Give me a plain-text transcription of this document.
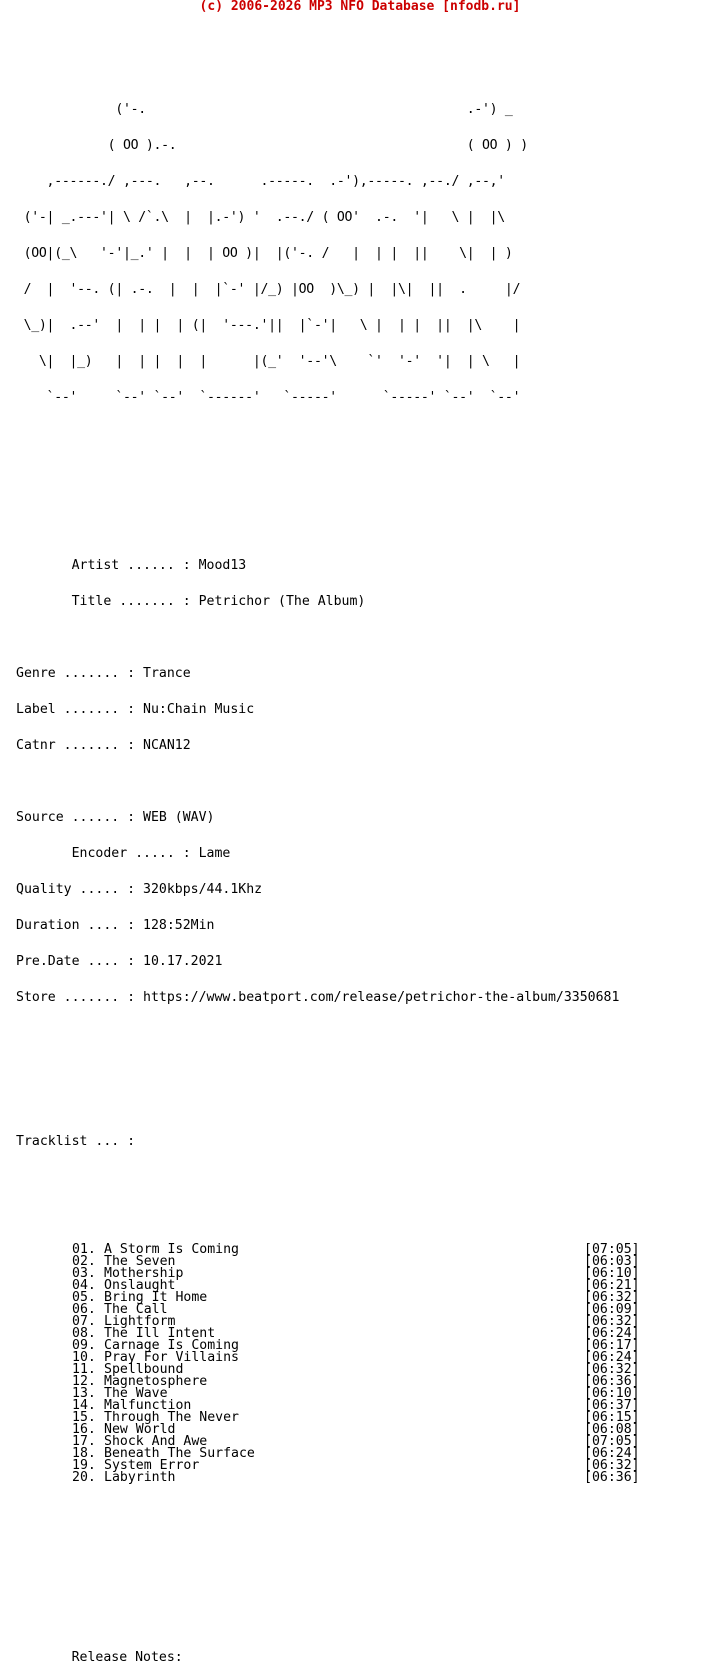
(c) 2006-2026 MP3 NFO Database [nfodb.ru]

('-.                                          .-') _

( OO ).-.                                      ( OO ) )

,------./ ,---.   ,--.      .-----.  .-'),-----. ,--./ ,--,'

('-| _.---'| \ /`.\  |  |.-') '  .--./ ( OO'  .-.  '|   \ |  |\

(OO|(_\   '-'|_.' |  |  | OO )|  |('-. /   |  | |  ||    \|  | )

/  |  '--. (| .-.  |  |  |`-' |/_) |OO  )\_) |  |\|  ||  .     |/

\_)|  .--'  |  | |  | (|  '---.'||  |`-'|   \ |  | |  ||  |\    |

\|  |_)   |  | |  |  |      |(_'  '--'\    `'  '-'  '|  | \   |

`--'     `--' `--'  `------'   `-----'      `-----' `--'  `--'

Artist ...... : Mood13

Title ....... : Petrichor (The Album)

Genre ....... : Trance

Label ....... : Nu:Chain Music

Catnr ....... : NCAN12

Source ...... : WEB (WAV)

Encoder ..... : Lame

Quality ..... : 320kbps/44.1Khz

Duration .... : 128:52Min

Pre.Date .... : 10.17.2021

Store ....... : https://www.beatport.com/release/petrichor-the-album/3350681

Tracklist ... :

01. A Storm Is Coming	[07:05]
02. The Seven	[06:03]
03. Mothership	[06:10]
04. Onslaught	[06:21]
05. Bring It Home	[06:32]
06. The Call	[06:09]
07. Lightform	[06:32]
08. The Ill Intent	[06:24]
09. Carnage Is Coming	[06:17]
10. Pray For Villains	[06:24]
11. Spellbound	[06:32]
12. Magnetosphere	[06:36]
13. The Wave	[06:10]
14. Malfunction	[06:37]
15. Through The Never	[06:15]
16. New World	[06:08]
17. Shock And Awe	[07:05]
18. Beneath The Surface	[06:24]
19. System Error	[06:32]
20. Labyrinth	[06:36]

Release Notes:
